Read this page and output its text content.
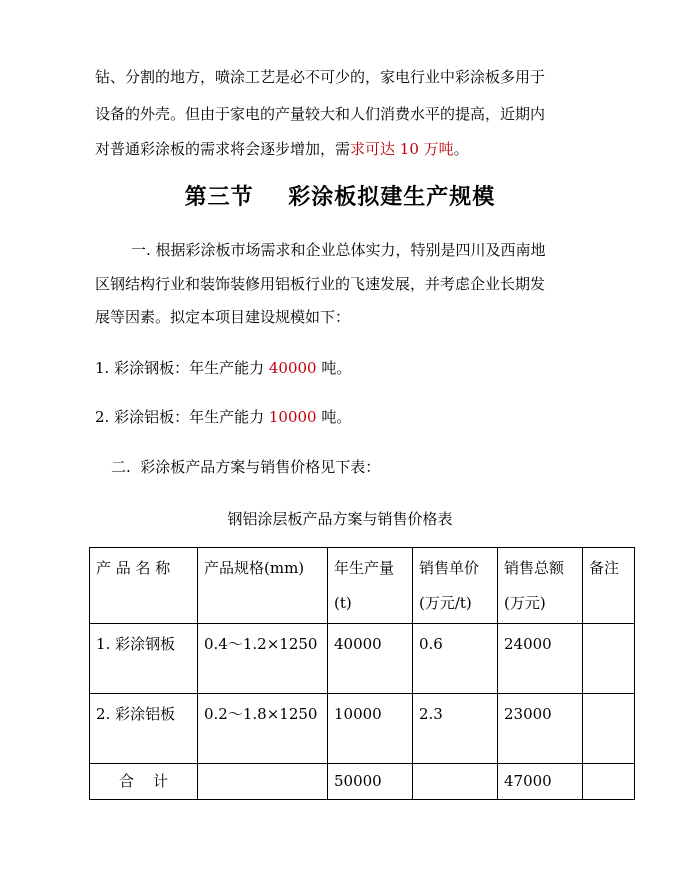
钻、分割的地方，喷涂工艺是必不可少的，家电行业中彩涂板多用于
设备的外壳。但由于家电的产量较大和人们消费水平的提高，近期内
对普通彩涂板的需求将会逐步增加，需求可达 10 万吨。
第三节    彩涂板拟建生产规模
一. 根据彩涂板市场需求和企业总体实力，特别是四川及西南地
区钢结构行业和装饰装修用铝板行业的飞速发展，并考虑企业长期发
展等因素。拟定本项目建设规模如下：
1. 彩涂钢板：年生产能力 40000 吨。
2. 彩涂铝板：年生产能力 10000 吨。
二.  彩涂板产品方案与销售价格见下表：
钢铝涂层板产品方案与销售价格表
产 品 名 称	产品规格(mm)	年生产量(t)	销售单价(万元/t)	销售总额(万元)	备注
1. 彩涂钢板	0.4～1.2×1250	40000	0.6	24000	
2. 彩涂铝板	0.2～1.8×1250	10000	2.3	23000	
合    计		50000		47000	
